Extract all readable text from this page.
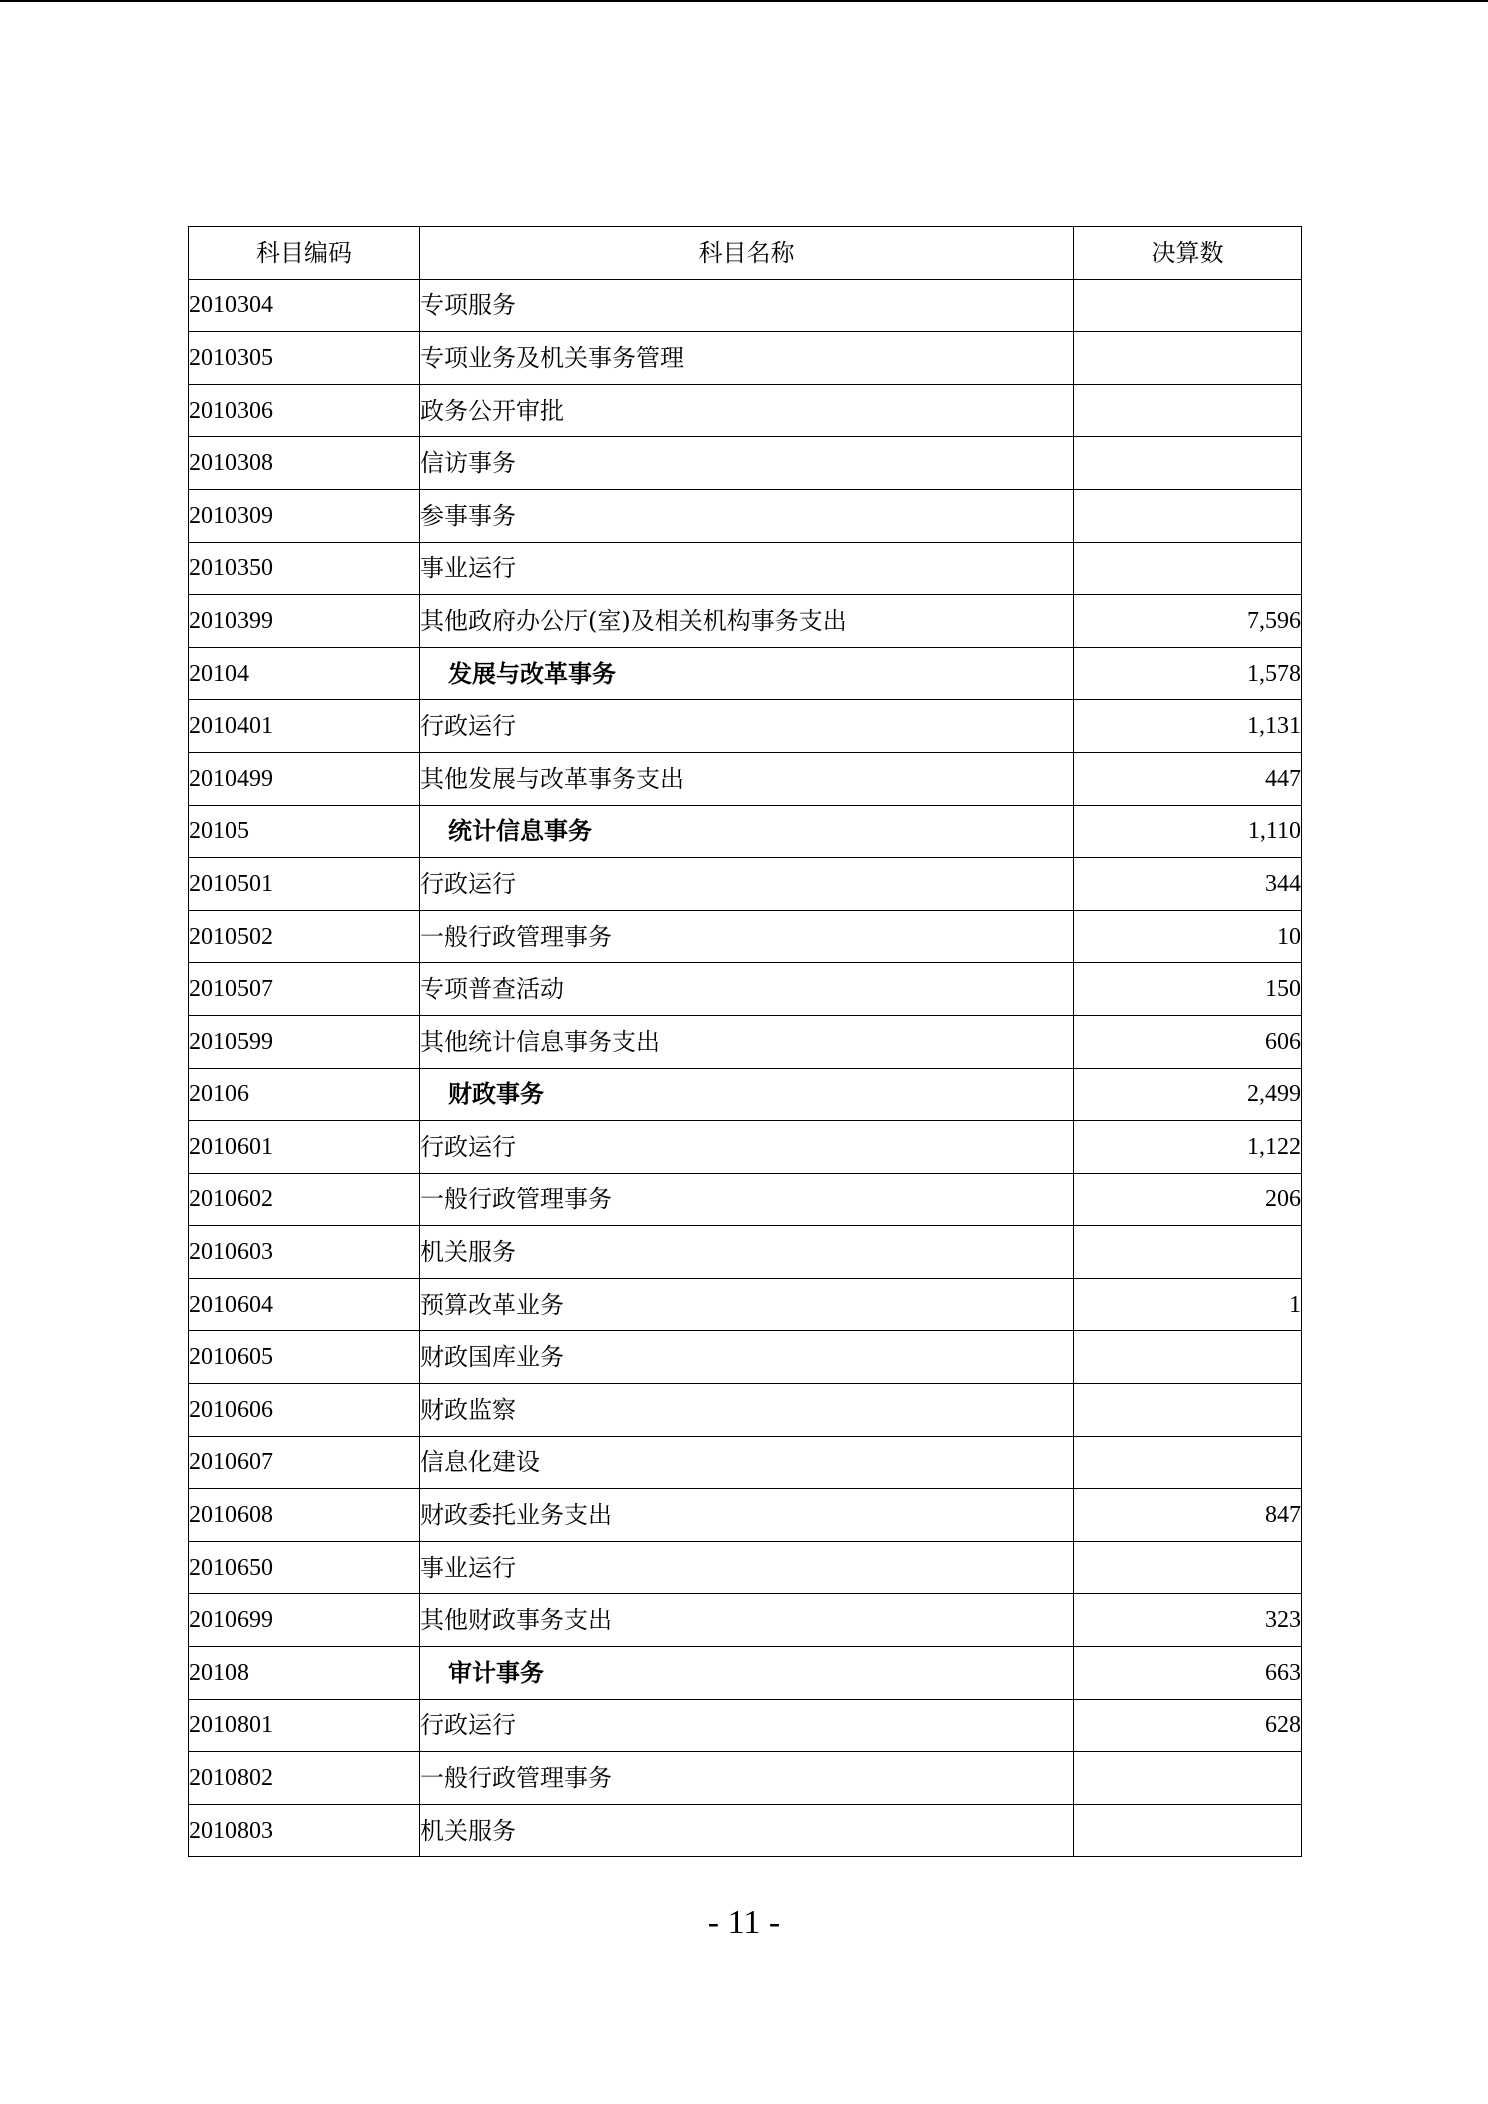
科目编码	科目名称	决算数
2010304	专项服务	
2010305	专项业务及机关事务管理	
2010306	政务公开审批	
2010308	信访事务	
2010309	参事事务	
2010350	事业运行	
2010399	其他政府办公厅(室)及相关机构事务支出	7,596
20104	发展与改革事务	1,578
2010401	行政运行	1,131
2010499	其他发展与改革事务支出	447
20105	统计信息事务	1,110
2010501	行政运行	344
2010502	一般行政管理事务	10
2010507	专项普查活动	150
2010599	其他统计信息事务支出	606
20106	财政事务	2,499
2010601	行政运行	1,122
2010602	一般行政管理事务	206
2010603	机关服务	
2010604	预算改革业务	1
2010605	财政国库业务	
2010606	财政监察	
2010607	信息化建设	
2010608	财政委托业务支出	847
2010650	事业运行	
2010699	其他财政事务支出	323
20108	审计事务	663
2010801	行政运行	628
2010802	一般行政管理事务	
2010803	机关服务	
- 11 -
